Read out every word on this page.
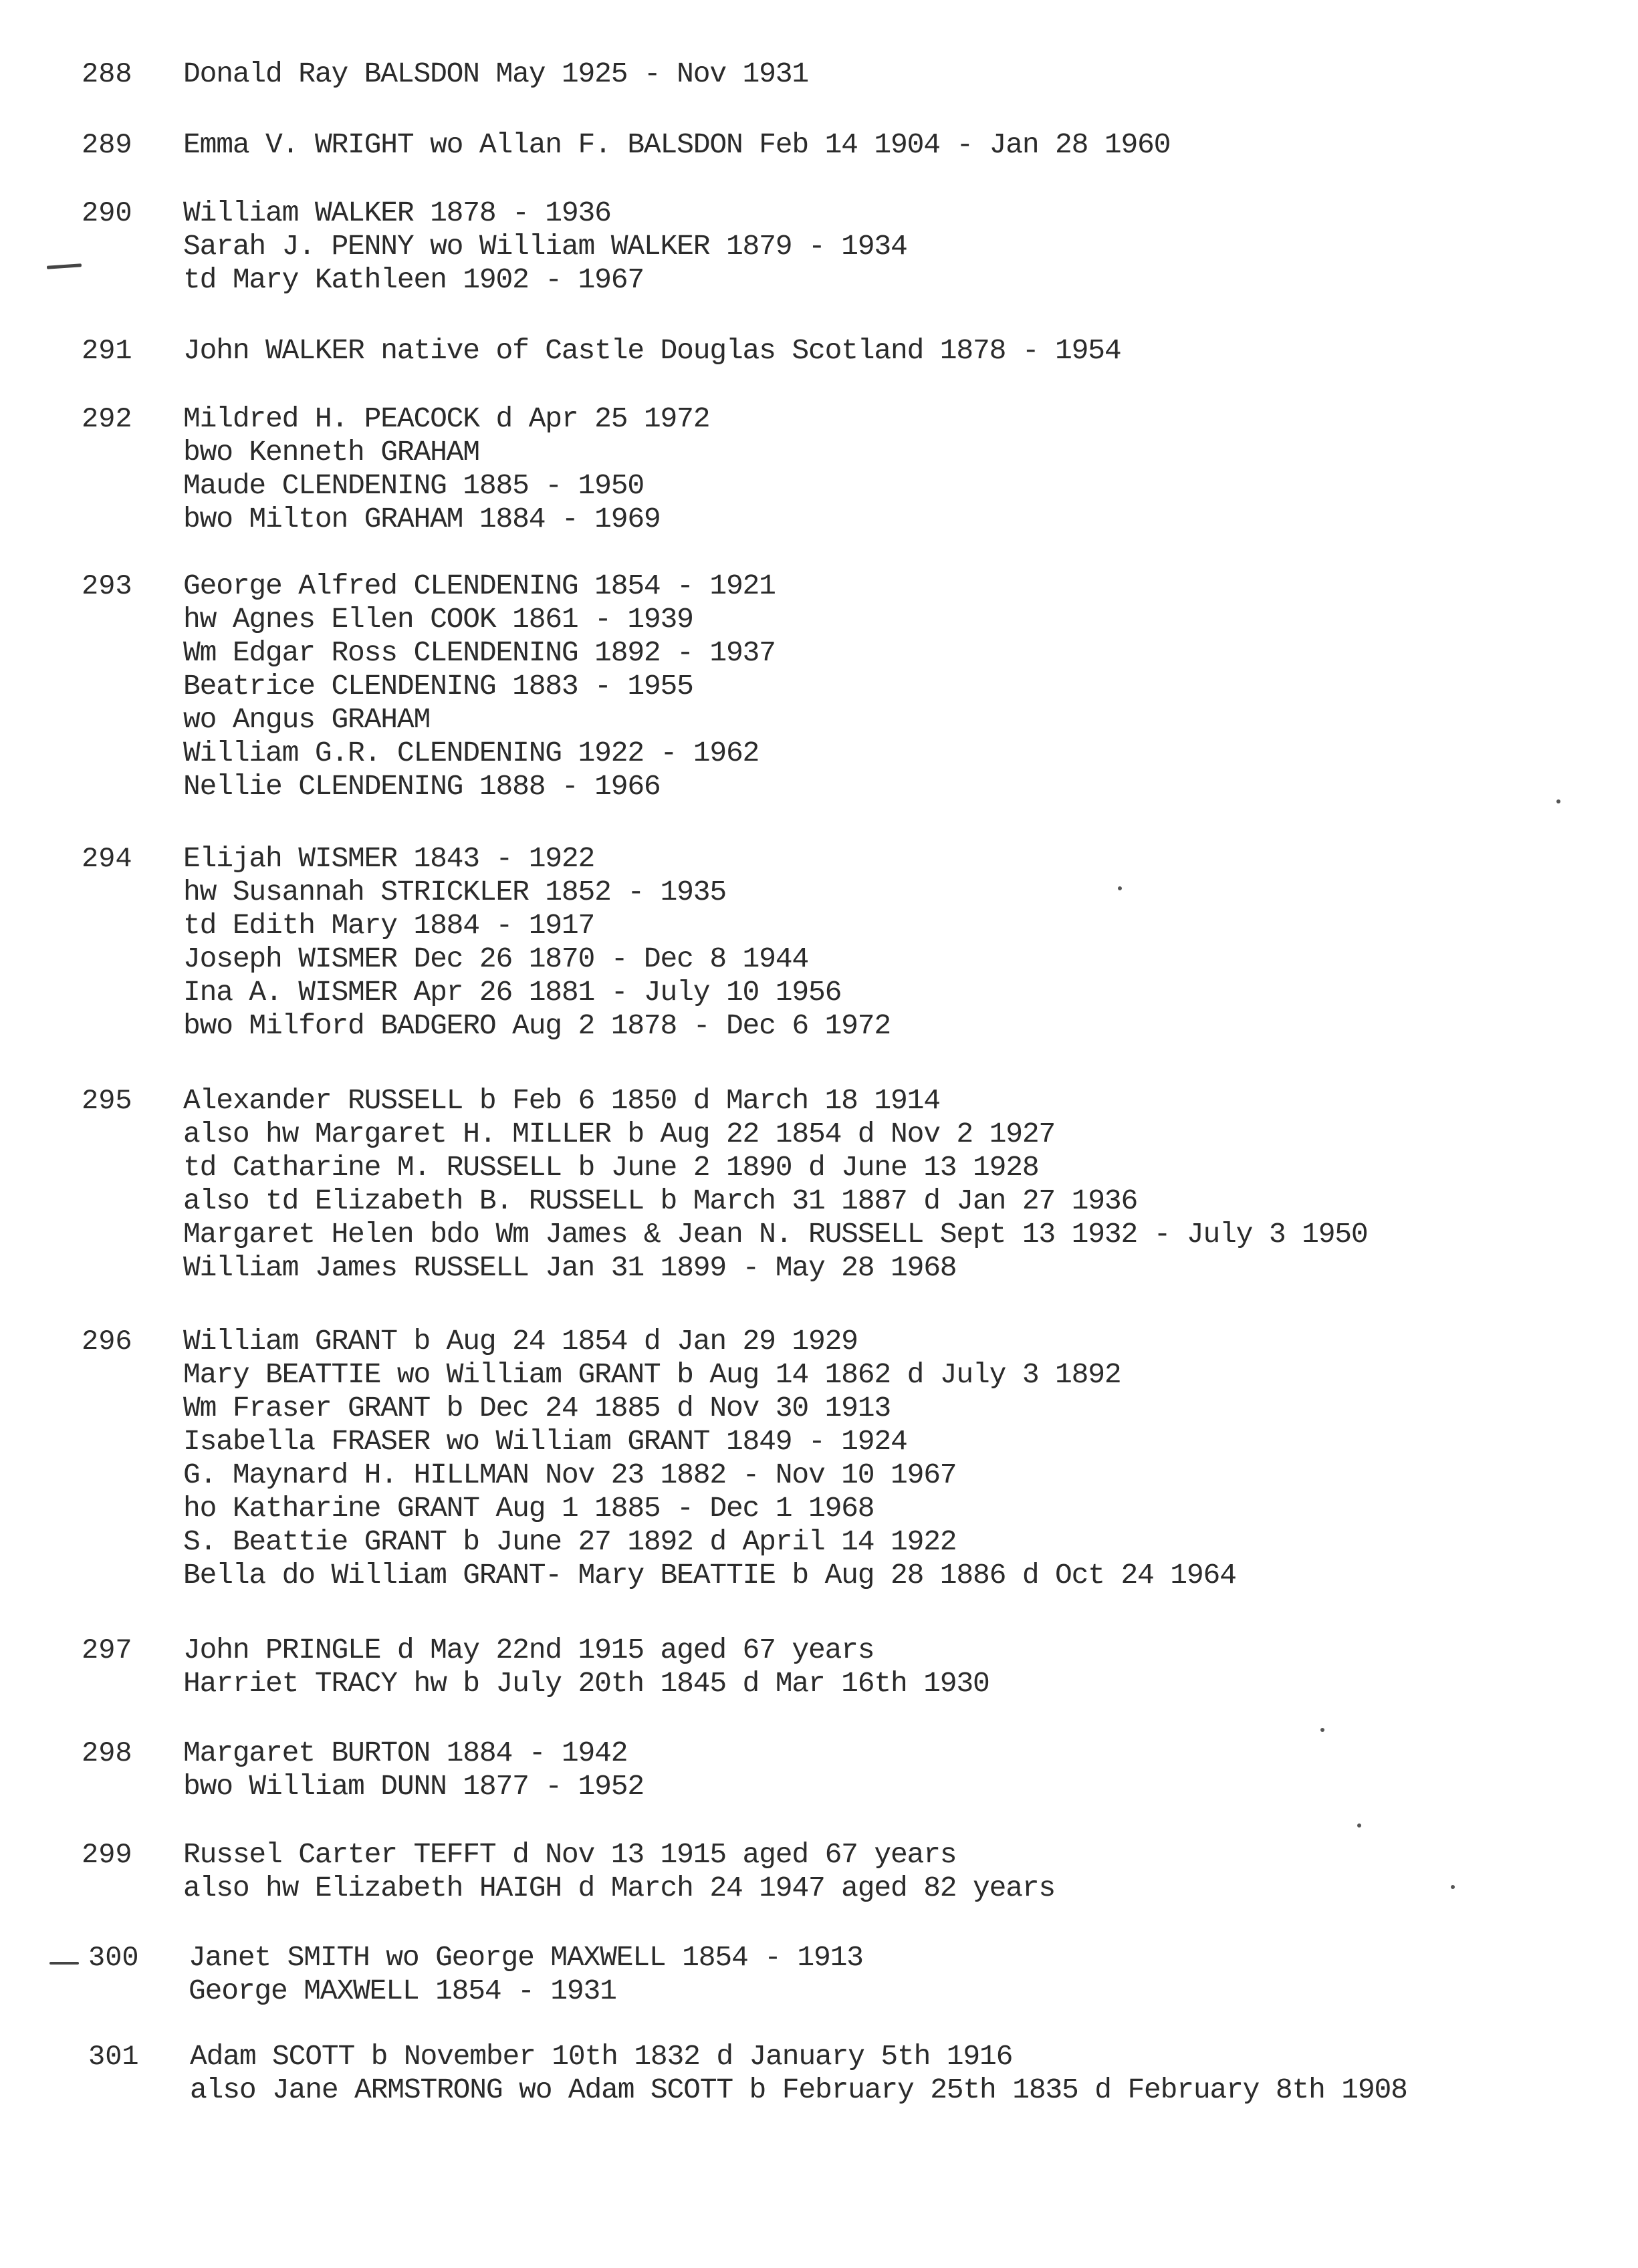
288 Donald Ray BALSDON May 1925 - Nov 1931
289 Emma V. WRIGHT wo Allan F. BALSDON Feb 14 1904 - Jan 28 1960
290 William WALKER 1878 - 1936
Sarah J. PENNY wo William WALKER 1879 - 1934
td Mary Kathleen 1902 - 1967
291 John WALKER native of Castle Douglas Scotland 1878 - 1954
292 Mildred H. PEACOCK d Apr 25 1972
bwo Kenneth GRAHAM
Maude CLENDENING 1885 - 1950
bwo Milton GRAHAM 1884 - 1969
293 George Alfred CLENDENING 1854 - 1921
hw Agnes Ellen COOK 1861 - 1939
Wm Edgar Ross CLENDENING 1892 - 1937
Beatrice CLENDENING 1883 - 1955
wo Angus GRAHAM
William G.R. CLENDENING 1922 - 1962
Nellie CLENDENING 1888 - 1966
294 Elijah WISMER 1843 - 1922
hw Susannah STRICKLER 1852 - 1935
td Edith Mary 1884 - 1917
Joseph WISMER Dec 26 1870 - Dec 8 1944
Ina A. WISMER Apr 26 1881 - July 10 1956
bwo Milford BADGERO Aug 2 1878 - Dec 6 1972
295 Alexander RUSSELL b Feb 6 1850 d March 18 1914
also hw Margaret H. MILLER b Aug 22 1854 d Nov 2 1927
td Catharine M. RUSSELL b June 2 1890 d June 13 1928
also td Elizabeth B. RUSSELL b March 31 1887 d Jan 27 1936
Margaret Helen bdo Wm James & Jean N. RUSSELL Sept 13 1932 - July 3 1950
William James RUSSELL Jan 31 1899 - May 28 1968
296 William GRANT b Aug 24 1854 d Jan 29 1929
Mary BEATTIE wo William GRANT b Aug 14 1862 d July 3 1892
Wm Fraser GRANT b Dec 24 1885 d Nov 30 1913
Isabella FRASER wo William GRANT 1849 - 1924
G. Maynard H. HILLMAN Nov 23 1882 - Nov 10 1967
ho Katharine GRANT Aug 1 1885 - Dec 1 1968
S. Beattie GRANT b June 27 1892 d April 14 1922
Bella do William GRANT- Mary BEATTIE b Aug 28 1886 d Oct 24 1964
297 John PRINGLE d May 22nd 1915 aged 67 years
Harriet TRACY hw b July 20th 1845 d Mar 16th 1930
298 Margaret BURTON 1884 - 1942
bwo William DUNN 1877 - 1952
299 Russel Carter TEFFT d Nov 13 1915 aged 67 years
also hw Elizabeth HAIGH d March 24 1947 aged 82 years
300 Janet SMITH wo George MAXWELL 1854 - 1913
George MAXWELL 1854 - 1931
301 Adam SCOTT b November 10th 1832 d January 5th 1916
also Jane ARMSTRONG wo Adam SCOTT b February 25th 1835 d February 8th 1908
